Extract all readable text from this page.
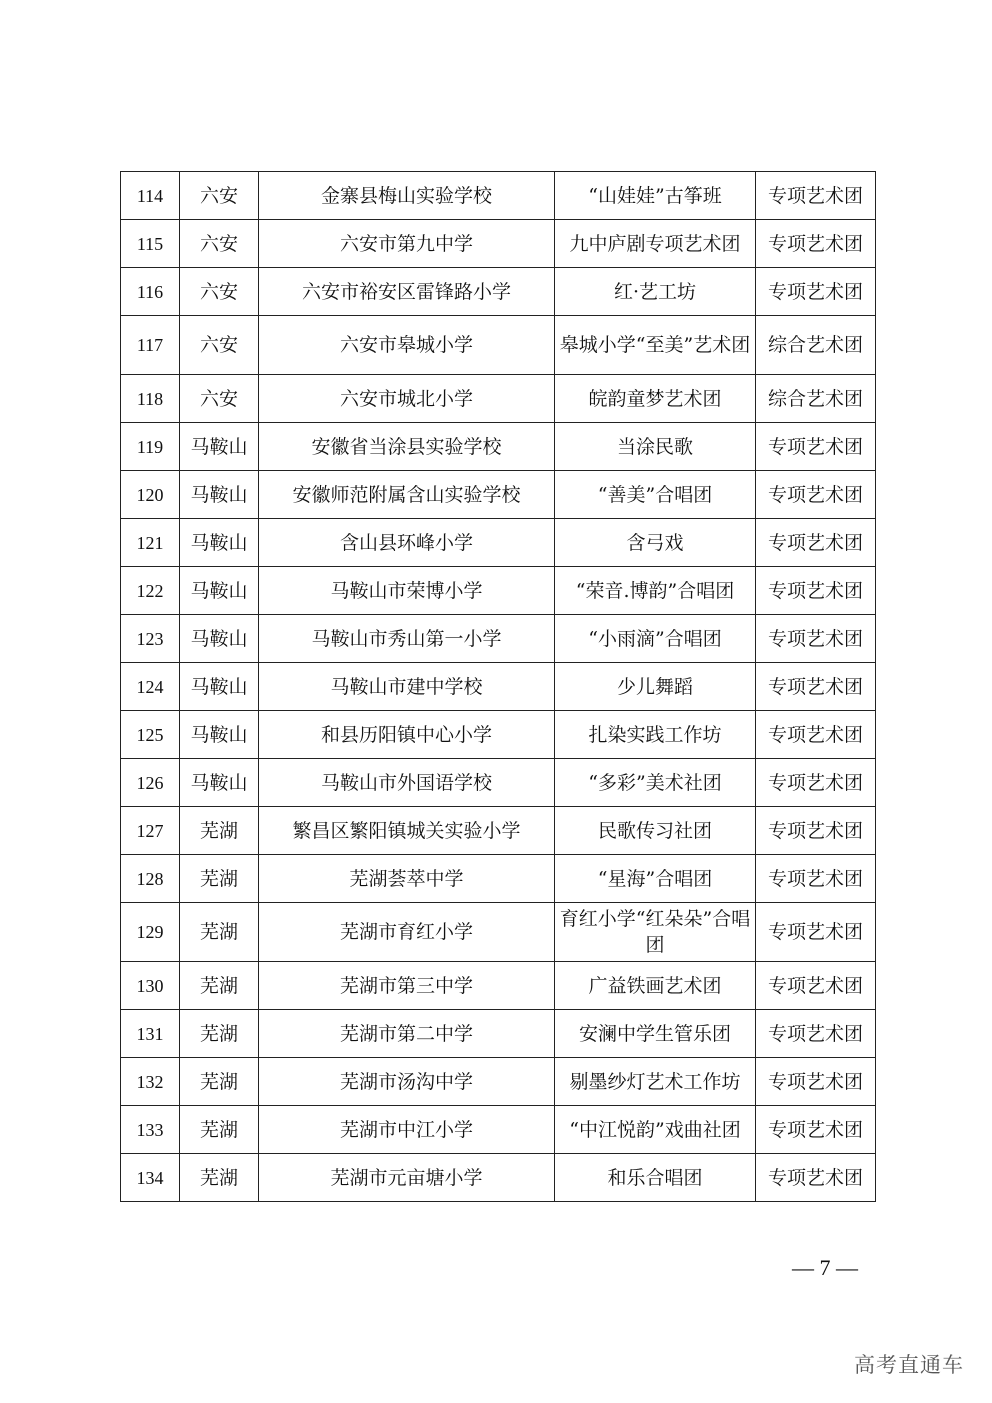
114	六安	金寨县梅山实验学校	“山娃娃”古筝班	专项艺术团
115	六安	六安市第九中学	九中庐剧专项艺术团	专项艺术团
116	六安	六安市裕安区雷锋路小学	红·艺工坊	专项艺术团
117	六安	六安市皋城小学	皋城小学“至美”艺术团	综合艺术团
118	六安	六安市城北小学	皖韵童梦艺术团	综合艺术团
119	马鞍山	安徽省当涂县实验学校	当涂民歌	专项艺术团
120	马鞍山	安徽师范附属含山实验学校	“善美”合唱团	专项艺术团
121	马鞍山	含山县环峰小学	含弓戏	专项艺术团
122	马鞍山	马鞍山市荣博小学	“荣音.博韵”合唱团	专项艺术团
123	马鞍山	马鞍山市秀山第一小学	“小雨滴”合唱团	专项艺术团
124	马鞍山	马鞍山市建中学校	少儿舞蹈	专项艺术团
125	马鞍山	和县历阳镇中心小学	扎染实践工作坊	专项艺术团
126	马鞍山	马鞍山市外国语学校	“多彩”美术社团	专项艺术团
127	芜湖	繁昌区繁阳镇城关实验小学	民歌传习社团	专项艺术团
128	芜湖	芜湖荟萃中学	“星海”合唱团	专项艺术团
129	芜湖	芜湖市育红小学	育红小学“红朵朵”合唱团	专项艺术团
130	芜湖	芜湖市第三中学	广益铁画艺术团	专项艺术团
131	芜湖	芜湖市第二中学	安澜中学生管乐团	专项艺术团
132	芜湖	芜湖市汤沟中学	剔墨纱灯艺术工作坊	专项艺术团
133	芜湖	芜湖市中江小学	“中江悦韵”戏曲社团	专项艺术团
134	芜湖	芜湖市元亩塘小学	和乐合唱团	专项艺术团
— 7 —
高考直通车
